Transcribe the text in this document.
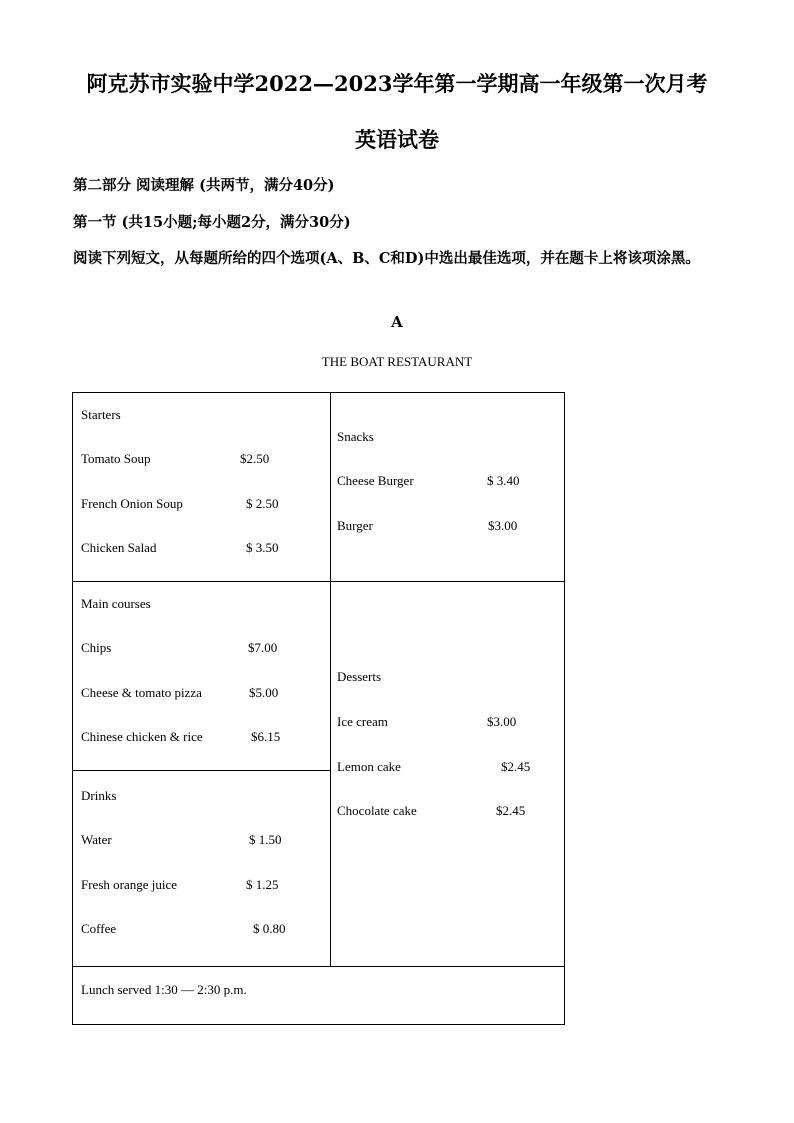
阿克苏市实验中学2022—2023学年第一学期高一年级第一次月考
英语试卷
第二部分 阅读理解 (共两节，满分40分)
第一节 (共15小题;每小题2分，满分30分)
阅读下列短文，从每题所给的四个选项(A、B、C和D)中选出最佳选项，并在题卡上将该项涂黑。
A
THE BOAT RESTAURANT
Starters
Tomato Soup	$2.50
French Onion Soup	$ 2.50
Chicken Salad	$ 3.50
Snacks
Cheese Burger	$ 3.40
Burger	$3.00
Main courses
Chips	$7.00
Cheese & tomato pizza	$5.00
Chinese chicken & rice	$6.15
Desserts
Ice cream	$3.00
Lemon cake	$2.45
Chocolate cake	$2.45
Drinks
Water	$ 1.50
Fresh orange juice	$ 1.25
Coffee	$ 0.80
Lunch served 1:30 — 2:30 p.m.
